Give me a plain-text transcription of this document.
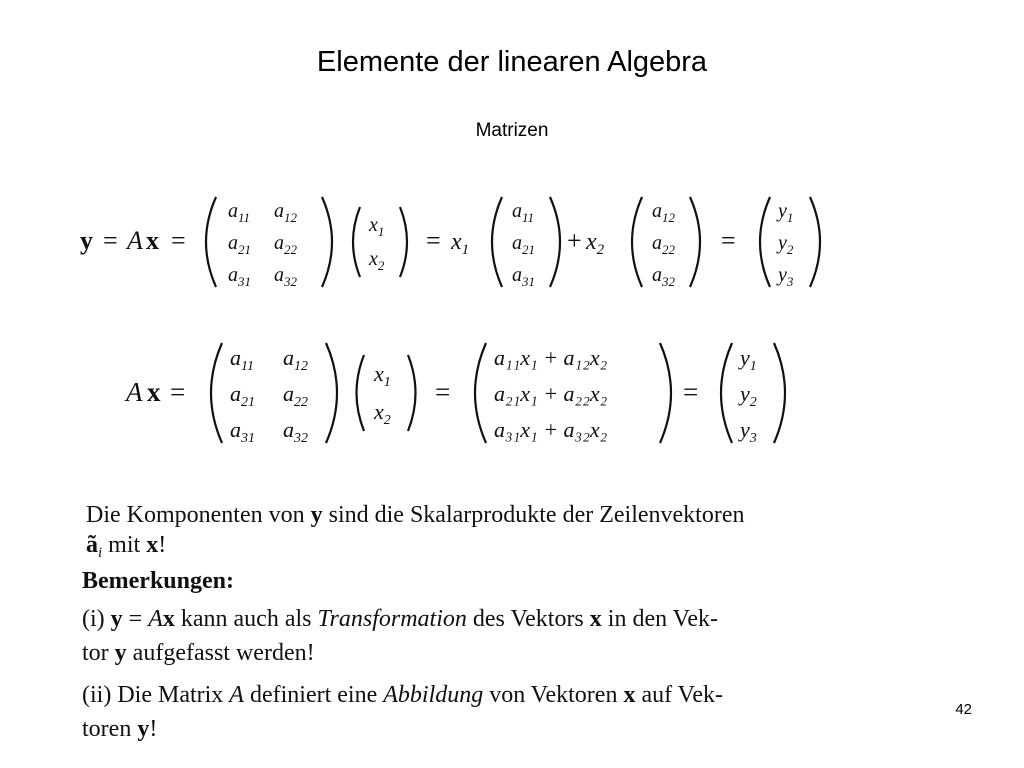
Elemente der linearen Algebra
Matrizen
y = A x =
$a_{11}$ $a_{12}$
$a_{21}$ $a_{22}$
$a_{31}$ $a_{32}$
$x_1$
$x_2$
= $x_1$
$a_{11}$
$a_{21}$
$a_{31}$
+ $x_2$
$a_{12}$
$a_{22}$
$a_{32}$
=
$y_1$
$y_2$
$y_3$
A x =
$a_{11}$ $a_{12}$
$a_{21}$ $a_{22}$
$a_{31}$ $a_{32}$
$x_1$
$x_2$
=
a₁₁x₁ + a₁₂x₂
a₂₁x₁ + a₂₂x₂
a₃₁x₁ + a₃₂x₂
=
$y_1$
$y_2$
$y_3$
Die Komponenten von y sind die Skalarprodukte der Zeilenvektoren
$ã_i$ mit x!
Bemerkungen:
(i) y = Ax kann auch als Transformation des Vektors x in den Vek-
tor y aufgefasst werden!
(ii) Die Matrix A definiert eine Abbildung von Vektoren x auf Vek-
toren y!
42
